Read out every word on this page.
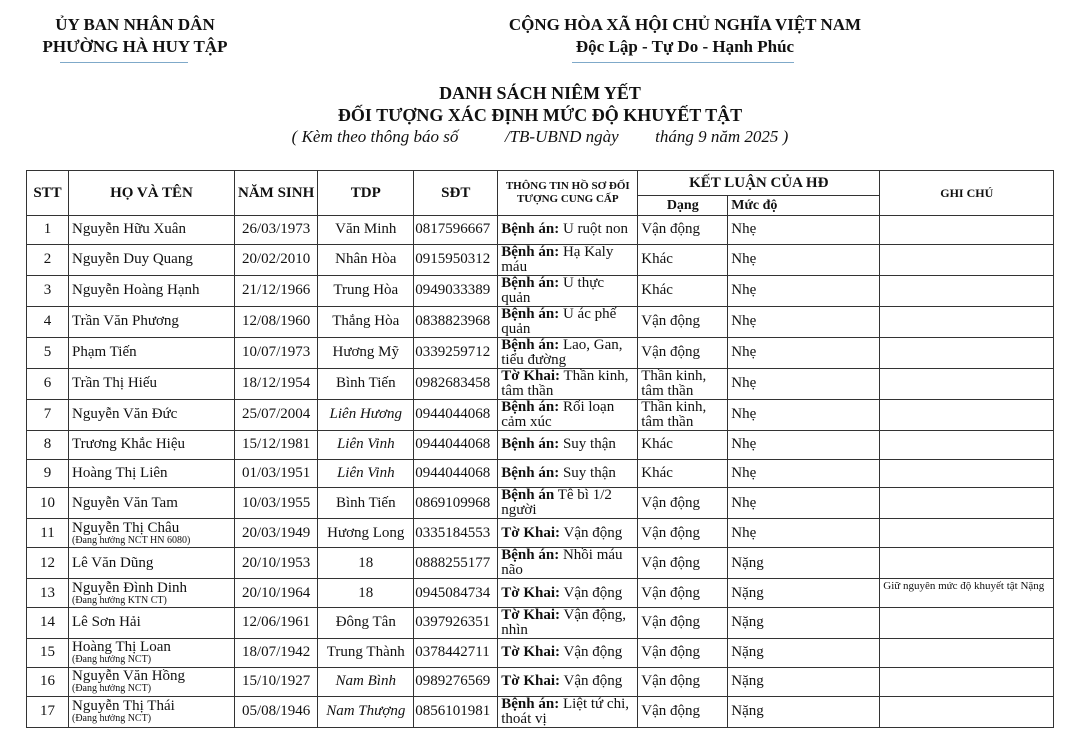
ỦY BAN NHÂN DÂN
PHƯỜNG HÀ HUY TẬP
CỘNG HÒA XÃ HỘI CHỦ NGHĨA VIỆT NAM
Độc Lập - Tự Do - Hạnh Phúc
DANH SÁCH NIÊM YẾT
ĐỐI TƯỢNG XÁC ĐỊNH MỨC ĐỘ KHUYẾT TẬT
( Kèm theo thông báo số	/TB-UBND ngày tháng 9 năm 2025 )
STT	HỌ VÀ TÊN	NĂM SINH	TDP	SĐT	THÔNG TIN HỒ SƠ ĐỐI TƯỢNG CUNG CẤP	KẾT LUẬN CỦA HĐ		GHI CHÚ
						Dạng	Mức độ	
1	Nguyễn Hữu Xuân	26/03/1973	Văn Minh	0817596667	Bệnh án: U ruột non	Vận động	Nhẹ	
2	Nguyễn Duy Quang	20/02/2010	Nhân Hòa	0915950312	Bệnh án: Hạ Kaly máu	Khác	Nhẹ	
3	Nguyễn Hoàng Hạnh	21/12/1966	Trung Hòa	0949033389	Bệnh án: U thực quản	Khác	Nhẹ	
4	Trần Văn Phương	12/08/1960	Thắng Hòa	0838823968	Bệnh án: U ác phế quản	Vận động	Nhẹ	
5	Phạm Tiến	10/07/1973	Hương Mỹ	0339259712	Bệnh án: Lao, Gan, tiểu đường	Vận động	Nhẹ	
6	Trần Thị Hiếu	18/12/1954	Bình Tiến	0982683458	Tờ Khai: Thần kinh, tâm thần	Thần kinh, tâm thần	Nhẹ	
7	Nguyễn Văn Đức	25/07/2004	Liên Hương	0944044068	Bệnh án: Rối loạn cảm xúc	Thần kinh, tâm thần	Nhẹ	
8	Trương Khắc Hiệu	15/12/1981	Liên Vinh	0944044068	Bệnh án: Suy thận	Khác	Nhẹ	
9	Hoàng Thị Liên	01/03/1951	Liên Vinh	0944044068	Bệnh án: Suy thận	Khác	Nhẹ	
10	Nguyễn Văn Tam	10/03/1955	Bình Tiến	0869109968	Bệnh án Tê bì 1/2 người	Vận động	Nhẹ	
11	Nguyễn Thị Châu
(Đang hưởng NCT HN 6080)	20/03/1949	Hương Long	0335184553	Tờ Khai: Vận động	Vận động	Nhẹ	
12	Lê Văn Dũng	20/10/1953	18	0888255177	Bệnh án: Nhồi máu não	Vận động	Nặng	
13	Nguyễn Đình Dinh
(Đang hưởng KTN CT)	20/10/1964	18	0945084734	Tờ Khai: Vận động	Vận động	Nặng	Giữ nguyên mức độ khuyết tật Nặng
14	Lê Sơn Hải	12/06/1961	Đông Tân	0397926351	Tờ Khai: Vận động, nhìn	Vận động	Nặng	
15	Hoàng Thị Loan
(Đang hưởng NCT)	18/07/1942	Trung Thành	0378442711	Tờ Khai: Vận động	Vận động	Nặng	
16	Nguyễn Văn Hồng
(Đang hưởng NCT)	15/10/1927	Nam Bình	0989276569	Tờ Khai: Vận động	Vận động	Nặng	
17	Nguyễn Thị Thái
(Đang hưởng NCT)	05/08/1946	Nam Thượng	0856101981	Bệnh án: Liệt tứ chi, thoát vị	Vận động	Nặng	
